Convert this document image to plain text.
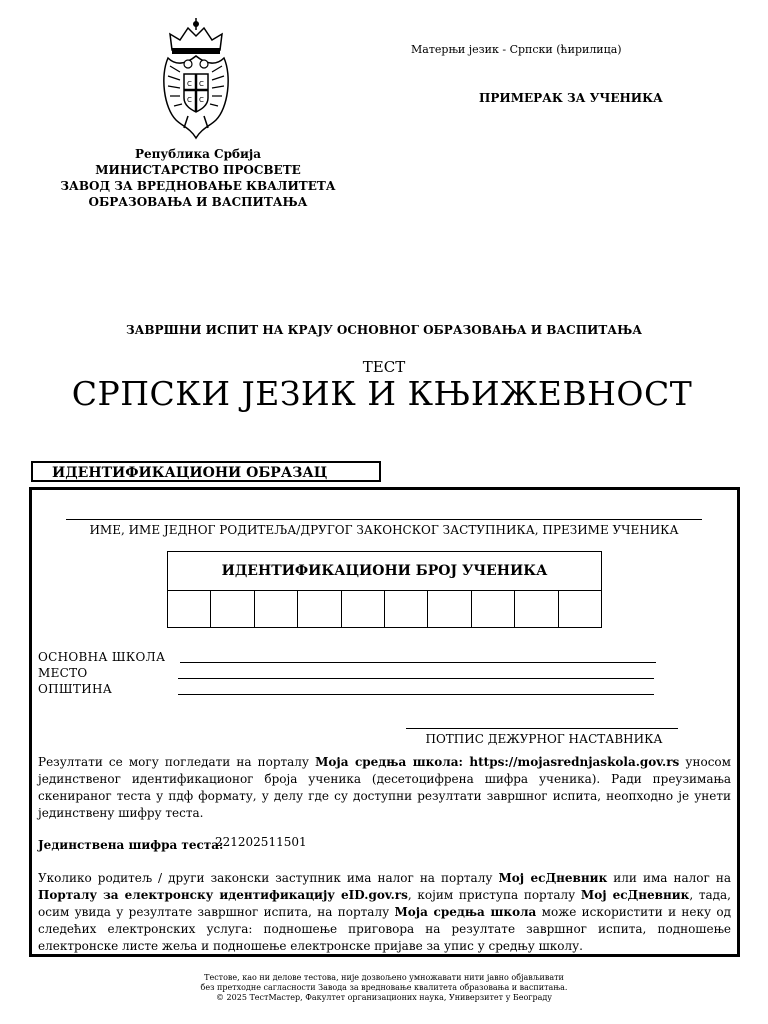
С С
С С
Република Србија
МИНИСТАРСТВО ПРОСВЕТЕ
ЗАВОД ЗА ВРЕДНОВАЊЕ КВАЛИТЕТА
ОБРАЗОВАЊА И ВАСПИТАЊА
Матерњи језик - Српски (ћирилица)
ПРИМЕРАК ЗА УЧЕНИКА
ЗАВРШНИ ИСПИТ НА КРАЈУ ОСНОВНОГ ОБРАЗОВАЊА И ВАСПИТАЊА
ТЕСТ
СРПСКИ ЈЕЗИК И КЊИЖЕВНОСТ
ИДЕНТИФИКАЦИОНИ ОБРАЗАЦ
ИМЕ, ИМЕ ЈЕДНОГ РОДИТЕЉА/ДРУГОГ ЗАКОНСКОГ ЗАСТУПНИКА, ПРЕЗИМЕ УЧЕНИКА
ИДЕНТИФИКАЦИОНИ БРОЈ УЧЕНИКА
ОСНОВНА ШКОЛА
МЕСТО
ОПШТИНА
ПОТПИС ДЕЖУРНОГ НАСТАВНИКА
Резултати се могу погледати на порталу Моја средња школа: https://mojasrednjaskola.gov.rs уносом јединственог идентификационог броја ученика (десетоцифрена шифра ученика). Ради преузимања скенираног теста у пдф формату, у делу где су доступни резултати завршног испита, неопходно је унети јединствену шифру теста.
Јединствена шифра теста:
221202511501
Уколико родитељ / други законски заступник има налог на порталу Мој есДневник или има налог на Порталу за електронску идентификацију eID.gov.rs, којим приступа порталу Мој есДневник, тада, осим увида у резултате завршног испита, на порталу Моја средња школа може искористити и неку од следећих електронских услуга: подношење приговора на резултате завршног испита, подношење електронске листе жеља и подношење електронске пријаве за упис у средњу школу.
Тестове, као ни делове тестова, није дозвољено умножавати нити јавно објављивати
без претходне сагласности Завода за вредновање квалитета образовања и васпитања.
© 2025 ТестМастер, Факултет организационих наука, Универзитет у Београду
